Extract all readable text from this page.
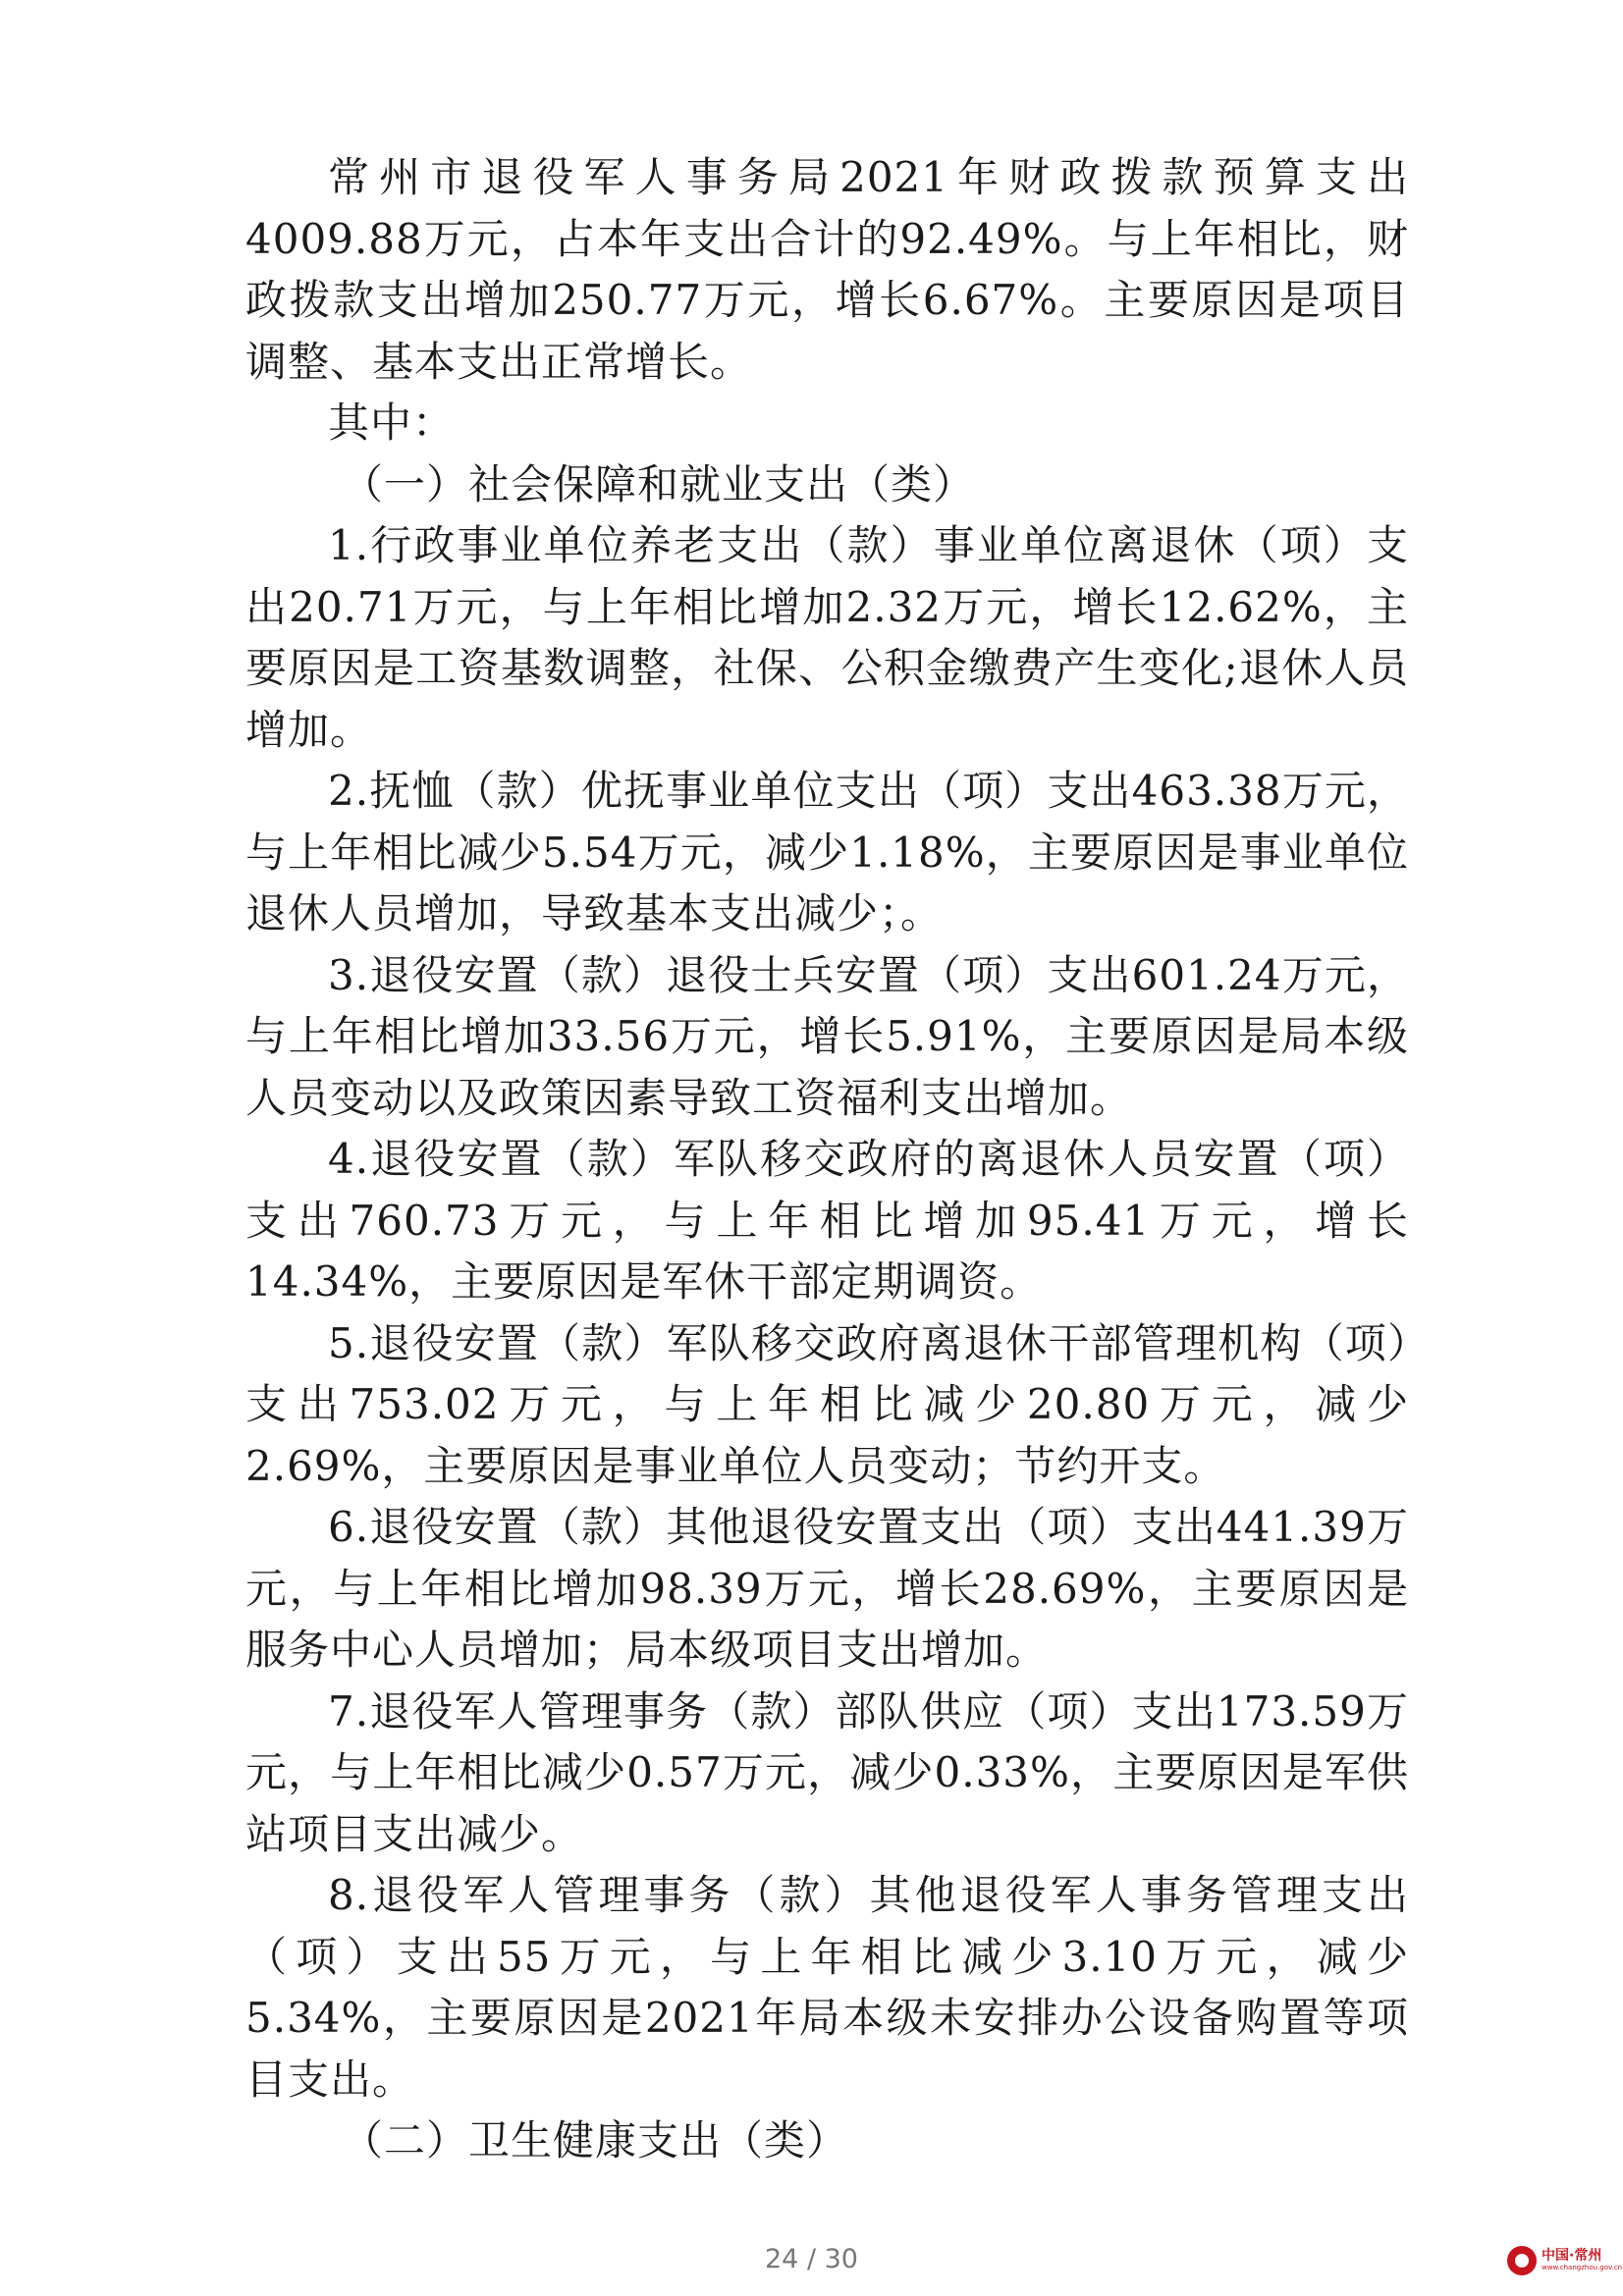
常州市退役军人事务局2021年财政拨款预算支出4009.88万元，占本年支出合计的92.49%。与上年相比，财政拨款支出增加250.77万元，增长6.67%。主要原因是项目调整、基本支出正常增长。

其中：

（一）社会保障和就业支出（类）

1.行政事业单位养老支出（款）事业单位离退休（项）支出20.71万元，与上年相比增加2.32万元，增长12.62%，主要原因是工资基数调整，社保、公积金缴费产生变化;退休人员增加。

2.抚恤（款）优抚事业单位支出（项）支出463.38万元，与上年相比减少5.54万元，减少1.18%，主要原因是事业单位退休人员增加，导致基本支出减少；。

3.退役安置（款）退役士兵安置（项）支出601.24万元，与上年相比增加33.56万元，增长5.91%，主要原因是局本级人员变动以及政策因素导致工资福利支出增加。

4.退役安置（款）军队移交政府的离退休人员安置（项）支出760.73万元，与上年相比增加95.41万元，增长14.34%，主要原因是军休干部定期调资。

5.退役安置（款）军队移交政府离退休干部管理机构（项）支出753.02万元，与上年相比减少20.80万元，减少2.69%，主要原因是事业单位人员变动；节约开支。

6.退役安置（款）其他退役安置支出（项）支出441.39万元，与上年相比增加98.39万元，增长28.69%，主要原因是服务中心人员增加；局本级项目支出增加。

7.退役军人管理事务（款）部队供应（项）支出173.59万元，与上年相比减少0.57万元，减少0.33%，主要原因是军供站项目支出减少。

8.退役军人管理事务（款）其他退役军人事务管理支出（项）支出55万元，与上年相比减少3.10万元，减少5.34%，主要原因是2021年局本级未安排办公设备购置等项目支出。

（二）卫生健康支出（类）

24 / 30	中国·常州
www.changzhou.gov.cn
